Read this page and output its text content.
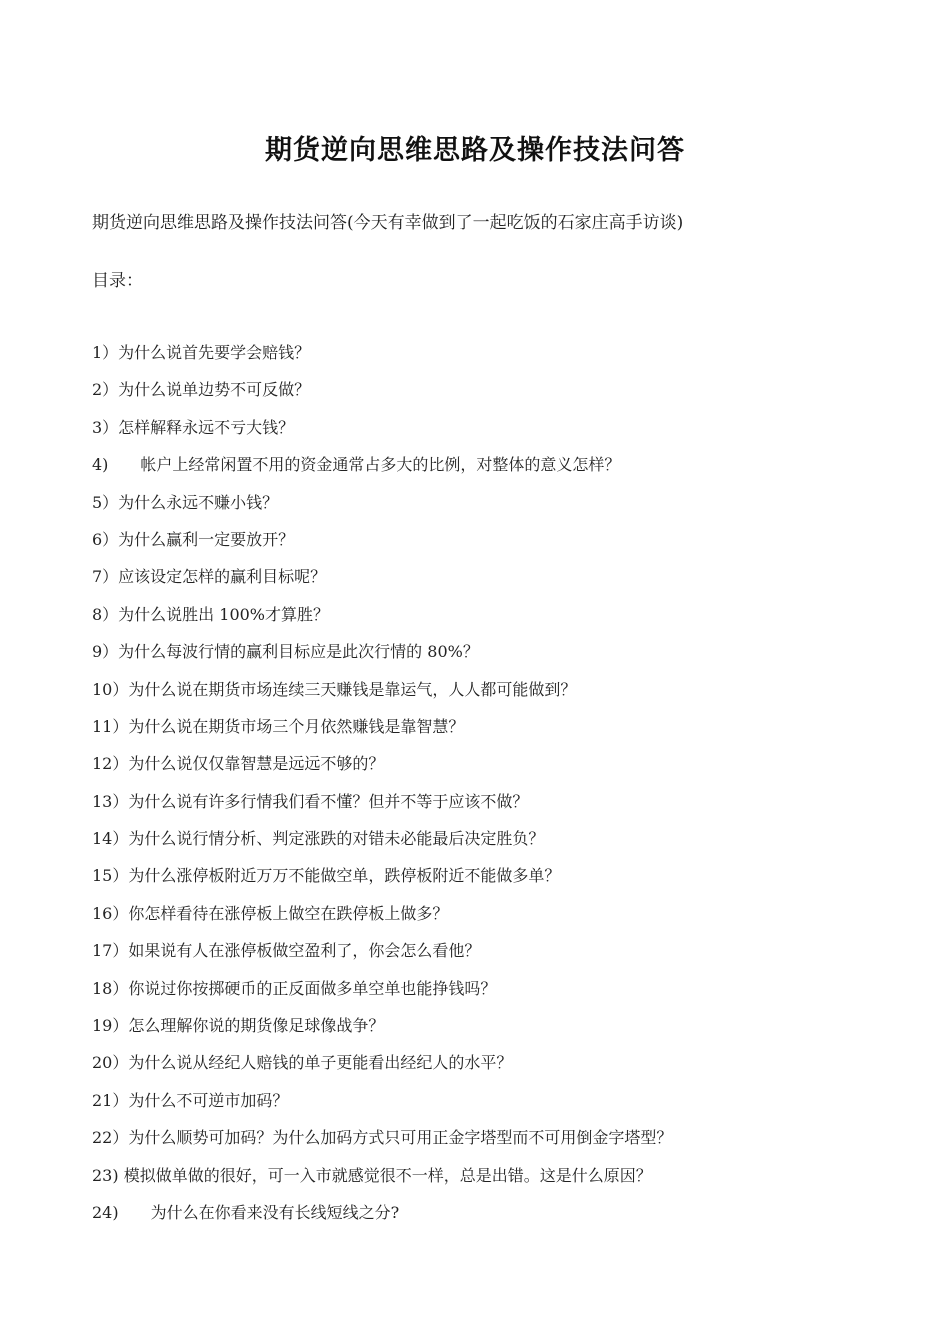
期货逆向思维思路及操作技法问答
期货逆向思维思路及操作技法问答(今天有幸做到了一起吃饭的石家庄高手访谈)
目录：
1）为什么说首先要学会赔钱？
2）为什么说单边势不可反做？
3）怎样解释永远不亏大钱？
4)　　帐户上经常闲置不用的资金通常占多大的比例，对整体的意义怎样？
5）为什么永远不赚小钱？
6）为什么赢利一定要放开？
7）应该设定怎样的赢利目标呢？
8）为什么说胜出 100%才算胜？
9）为什么每波行情的赢利目标应是此次行情的 80%？
10）为什么说在期货市场连续三天赚钱是靠运气，人人都可能做到？
11）为什么说在期货市场三个月依然赚钱是靠智慧？
12）为什么说仅仅靠智慧是远远不够的？
13）为什么说有许多行情我们看不懂？但并不等于应该不做？
14）为什么说行情分析、判定涨跌的对错未必能最后决定胜负？
15）为什么涨停板附近万万不能做空单，跌停板附近不能做多单？
16）你怎样看待在涨停板上做空在跌停板上做多？
17）如果说有人在涨停板做空盈利了，你会怎么看他？
18）你说过你按掷硬币的正反面做多单空单也能挣钱吗？
19）怎么理解你说的期货像足球像战争？
20）为什么说从经纪人赔钱的单子更能看出经纪人的水平？
21）为什么不可逆市加码？
22）为什么顺势可加码？为什么加码方式只可用正金字塔型而不可用倒金字塔型？
23) 模拟做单做的很好，可一入市就感觉很不一样，总是出错。这是什么原因？
24)　　为什么在你看来没有长线短线之分?
